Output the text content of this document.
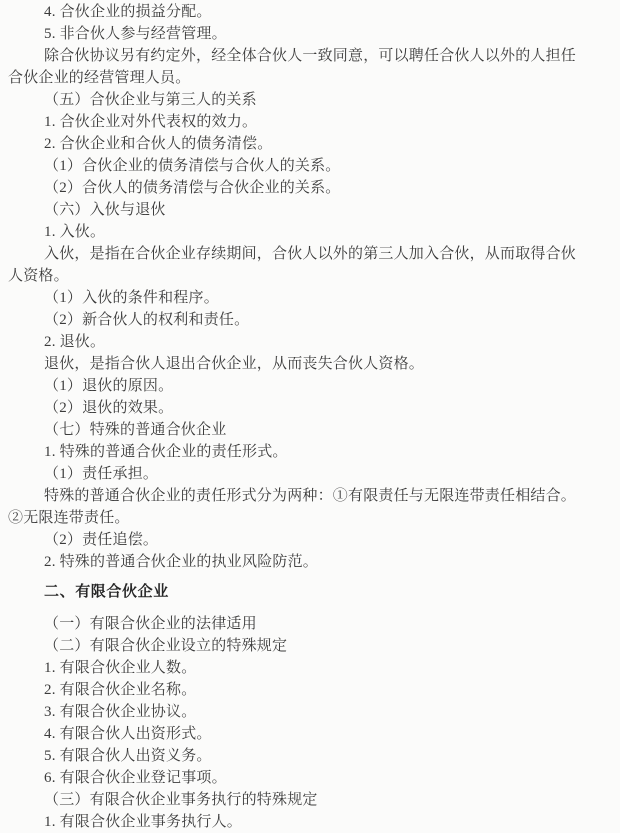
4. 合伙企业的损益分配。
5. 非合伙人参与经营管理。
除合伙协议另有约定外，经全体合伙人一致同意，可以聘任合伙人以外的人担任
合伙企业的经营管理人员。
（五）合伙企业与第三人的关系
1. 合伙企业对外代表权的效力。
2. 合伙企业和合伙人的债务清偿。
（1）合伙企业的债务清偿与合伙人的关系。
（2）合伙人的债务清偿与合伙企业的关系。
（六）入伙与退伙
1. 入伙。
入伙，是指在合伙企业存续期间，合伙人以外的第三人加入合伙，从而取得合伙
人资格。
（1）入伙的条件和程序。
（2）新合伙人的权利和责任。
2. 退伙。
退伙，是指合伙人退出合伙企业，从而丧失合伙人资格。
（1）退伙的原因。
（2）退伙的效果。
（七）特殊的普通合伙企业
1. 特殊的普通合伙企业的责任形式。
（1）责任承担。
特殊的普通合伙企业的责任形式分为两种：①有限责任与无限连带责任相结合。
②无限连带责任。
（2）责任追偿。
2. 特殊的普通合伙企业的执业风险防范。
二、有限合伙企业
（一）有限合伙企业的法律适用
（二）有限合伙企业设立的特殊规定
1. 有限合伙企业人数。
2. 有限合伙企业名称。
3. 有限合伙企业协议。
4. 有限合伙人出资形式。
5. 有限合伙人出资义务。
6. 有限合伙企业登记事项。
（三）有限合伙企业事务执行的特殊规定
1. 有限合伙企业事务执行人。
